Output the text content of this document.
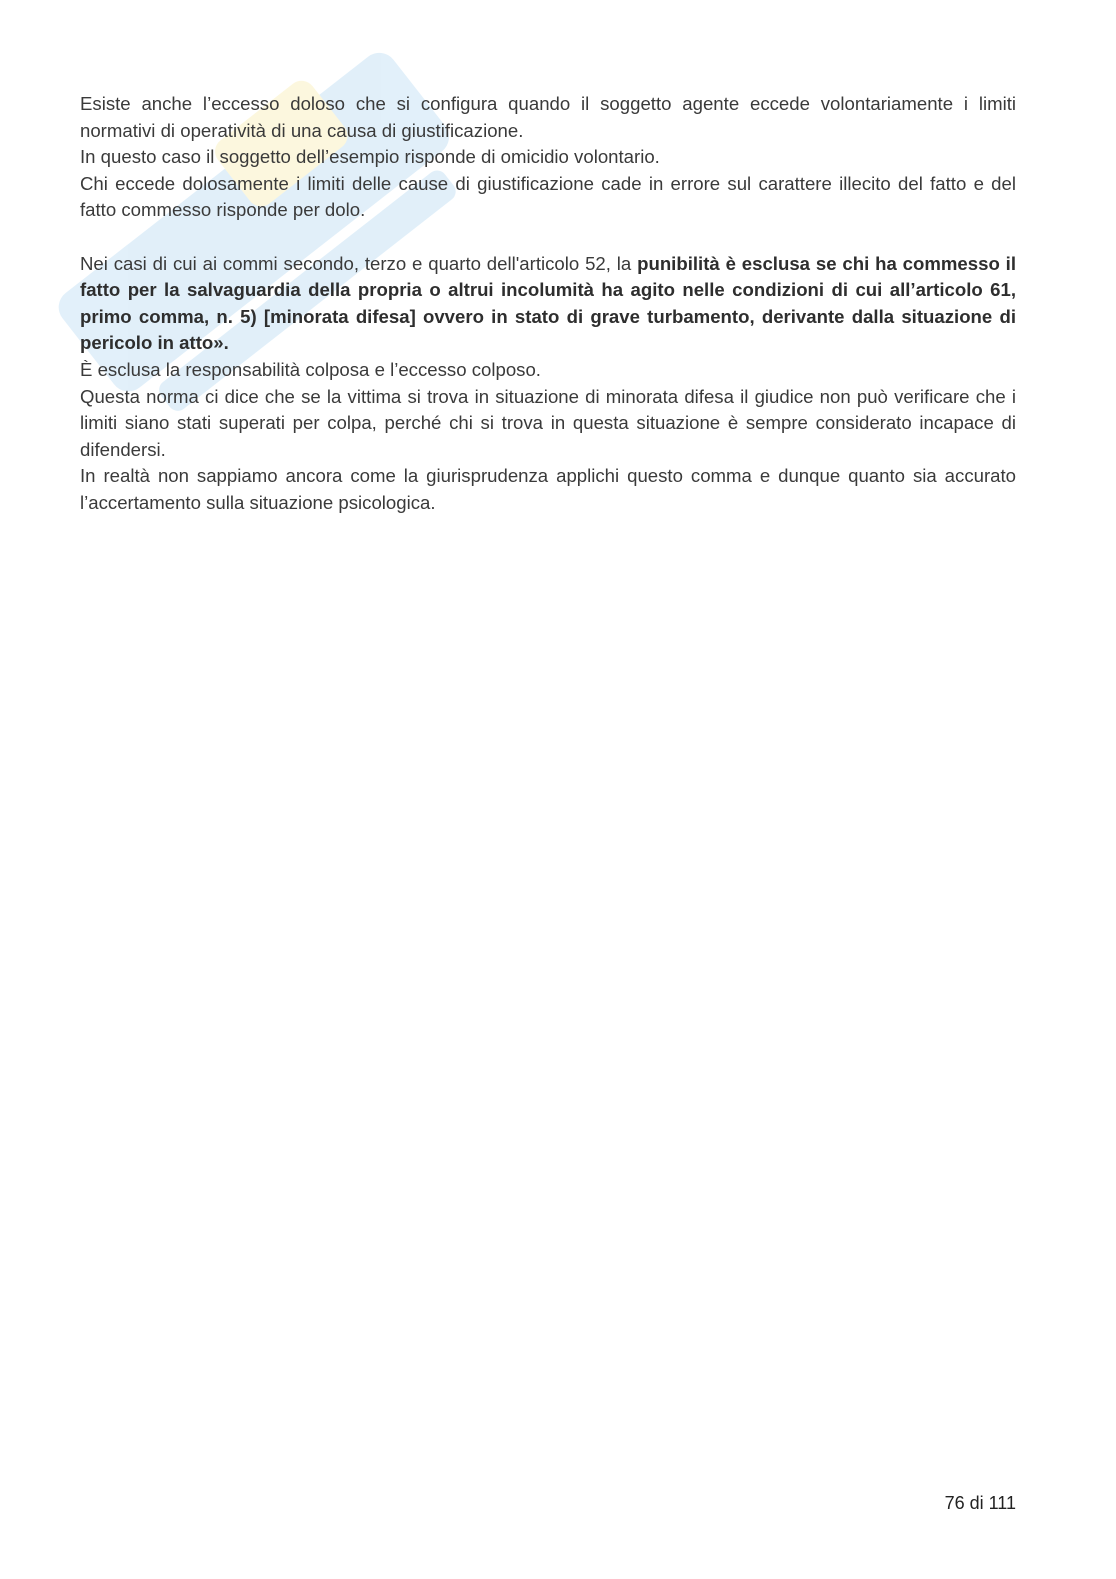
Esiste anche l’eccesso doloso che si configura quando il soggetto agente eccede volontariamente i limiti normativi di operatività di una causa di giustificazione.

In questo caso il soggetto dell’esempio risponde di omicidio volontario.

Chi eccede dolosamente i limiti delle cause di giustificazione cade in errore sul carattere illecito del fatto e del fatto commesso risponde per dolo.

Nei casi di cui ai commi secondo, terzo e quarto dell'articolo 52, la punibilità è esclusa se chi ha commesso il fatto per la salvaguardia della propria o altrui incolumità ha agito nelle condizioni di cui all’articolo 61, primo comma, n. 5) [minorata difesa] ovvero in stato di grave turbamento, derivante dalla situazione di pericolo in atto».

È esclusa la responsabilità colposa e l’eccesso colposo.

Questa norma ci dice che se la vittima si trova in situazione di minorata difesa il giudice non può verificare che i limiti siano stati superati per colpa, perché chi si trova in questa situazione è sempre considerato incapace di difendersi.

In realtà non sappiamo ancora come la giurisprudenza applichi questo comma e dunque quanto sia accurato l’accertamento sulla situazione psicologica.

76 di 111
